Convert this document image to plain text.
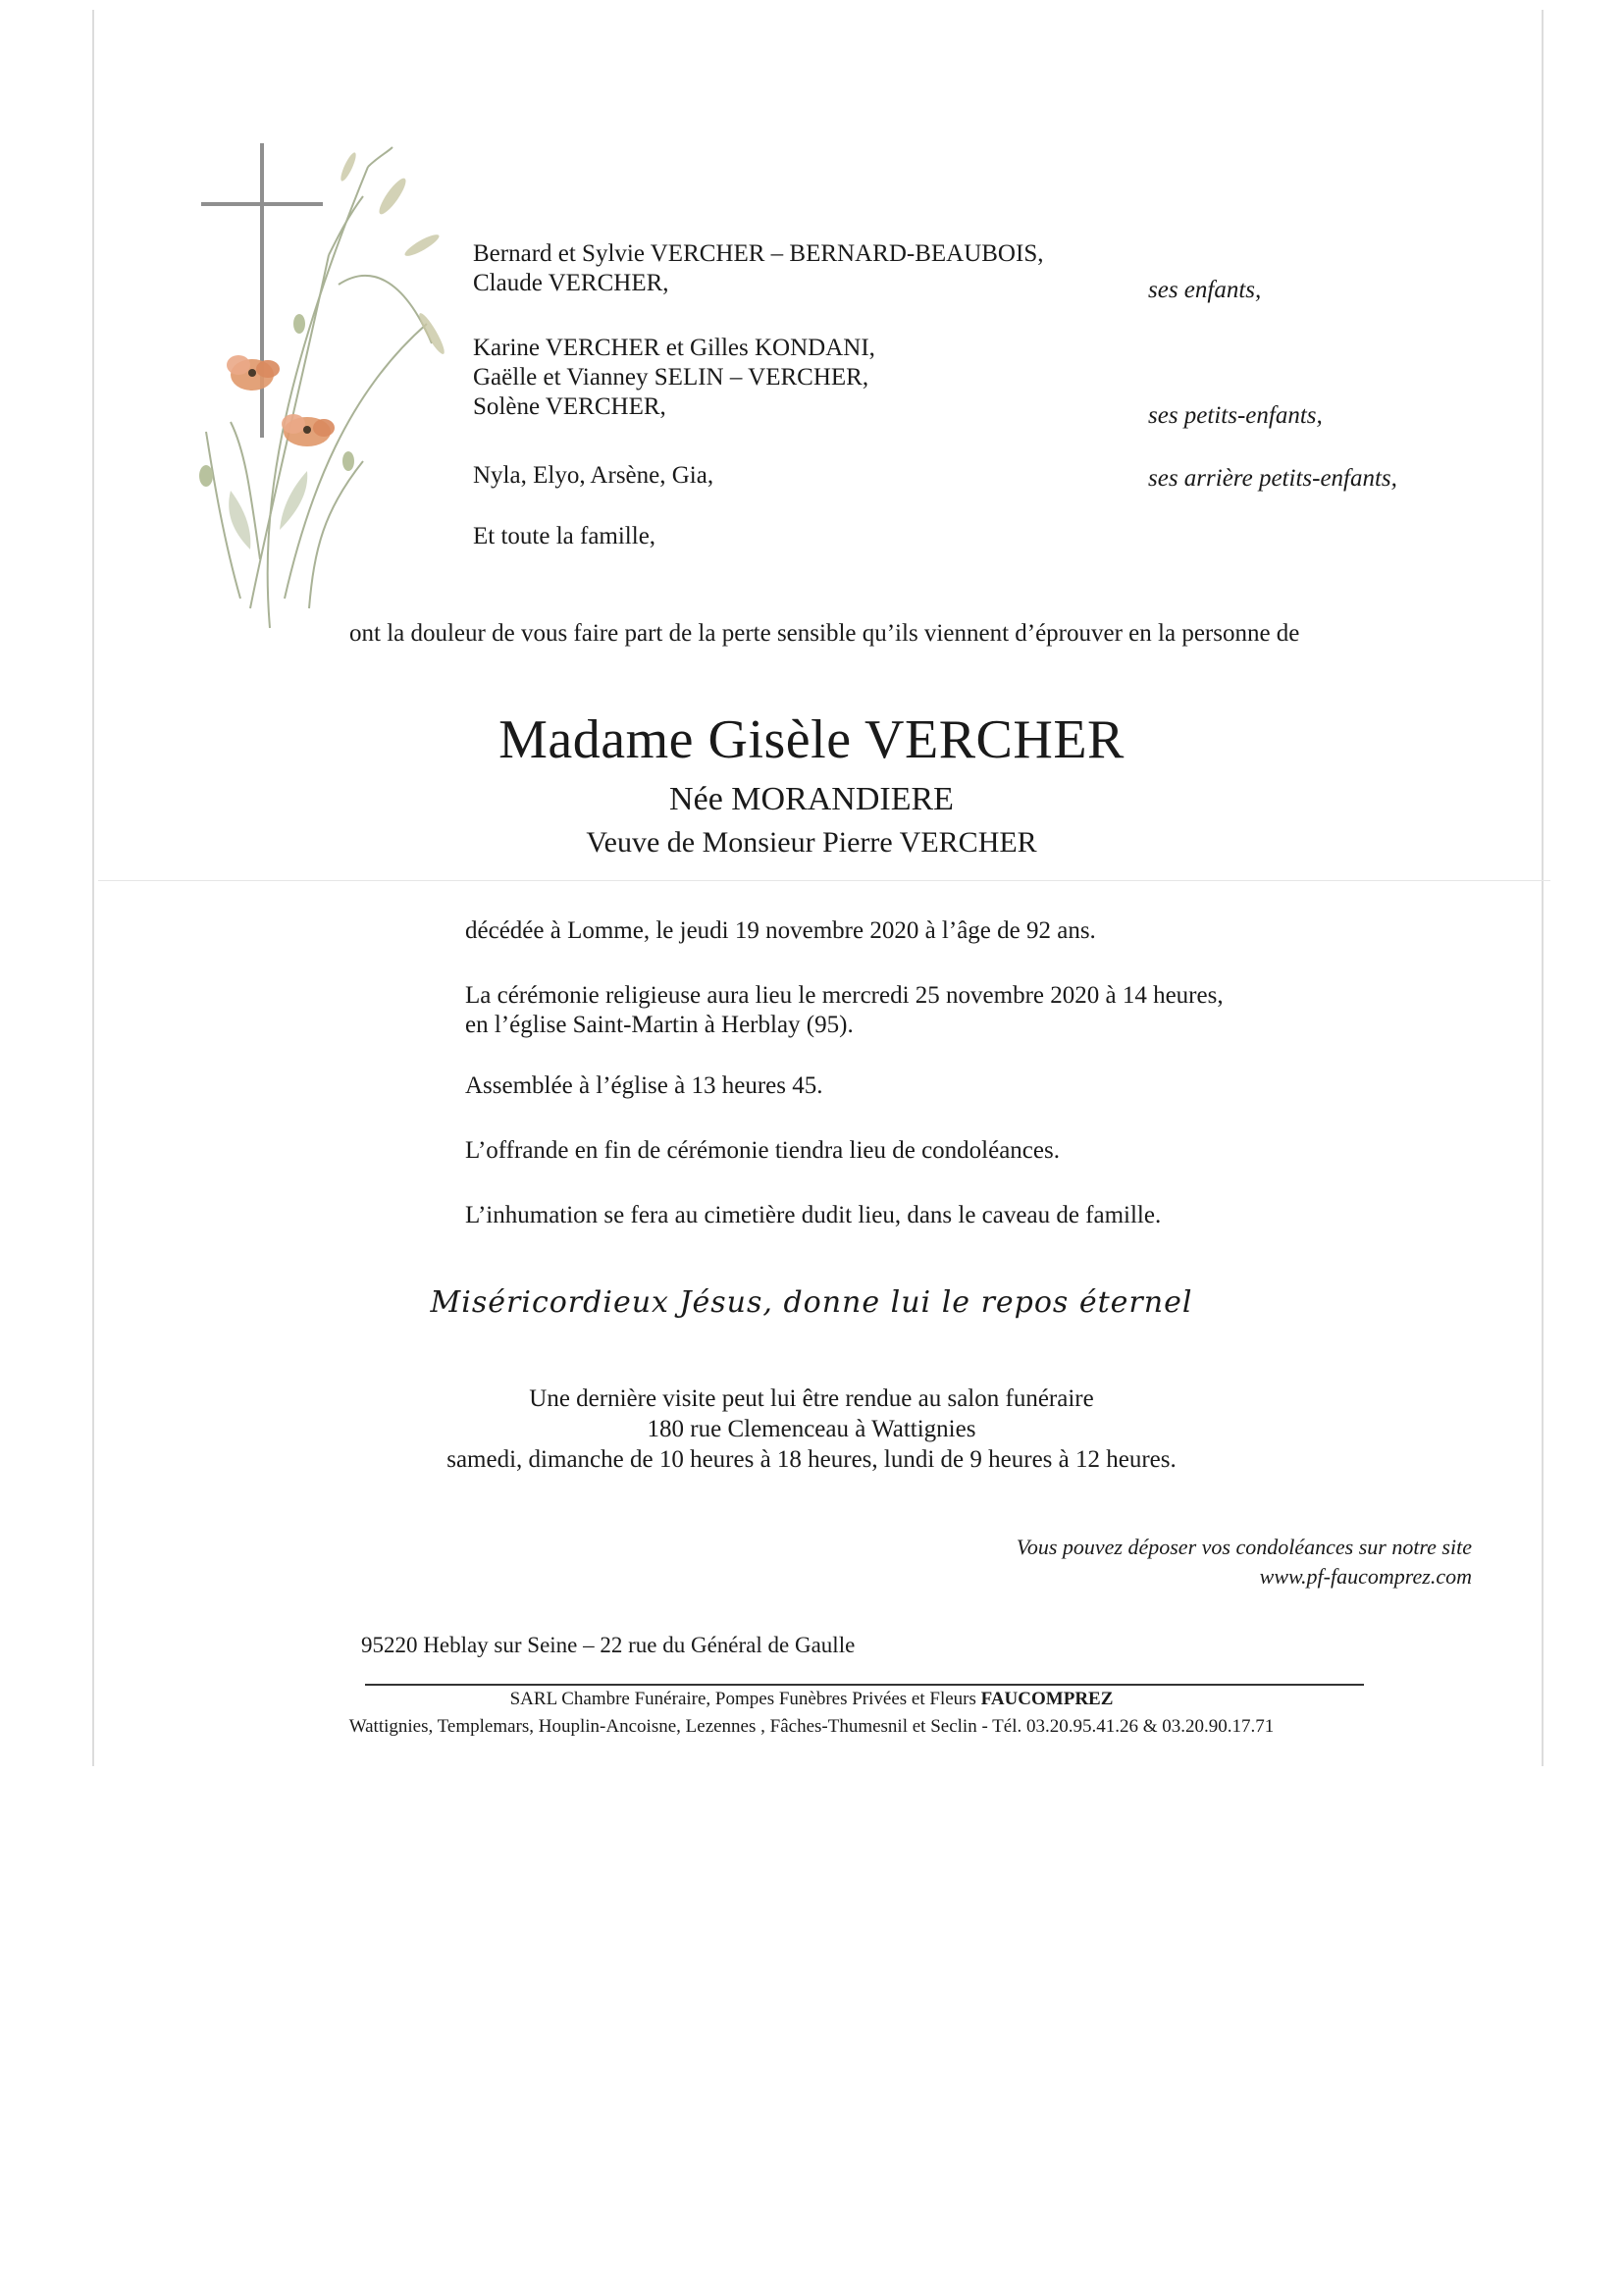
Bernard et Sylvie VERCHER – BERNARD-BEAUBOIS,
Claude VERCHER,	ses enfants,
Karine VERCHER et Gilles KONDANI,
Gaëlle et Vianney SELIN – VERCHER,
Solène VERCHER,	ses petits-enfants,
Nyla, Elyo, Arsène, Gia,	ses arrière petits-enfants,
Et toute la famille,
ont la douleur de vous faire part de la perte sensible qu’ils viennent d’éprouver en la personne de
Madame Gisèle VERCHER
Née MORANDIERE
Veuve de Monsieur Pierre VERCHER
décédée à Lomme, le jeudi 19 novembre 2020 à l’âge de 92 ans.
La cérémonie religieuse aura lieu le mercredi 25 novembre 2020 à 14 heures,
en l’église Saint-Martin à Herblay (95).
Assemblée à l’église à 13 heures 45.
L’offrande en fin de cérémonie tiendra lieu de condoléances.
L’inhumation se fera au cimetière dudit lieu, dans le caveau de famille.
Miséricordieux Jésus, donne lui le repos éternel
Une dernière visite peut lui être rendue au salon funéraire
180 rue Clemenceau à Wattignies
samedi, dimanche de 10 heures à 18 heures, lundi de 9 heures à 12 heures.
Vous pouvez déposer vos condoléances sur notre site
www.pf-faucomprez.com
95220 Heblay sur Seine – 22 rue du Général de Gaulle
SARL Chambre Funéraire, Pompes Funèbres Privées et Fleurs FAUCOMPREZ
Wattignies, Templemars, Houplin-Ancoisne, Lezennes , Fâches-Thumesnil et Seclin - Tél. 03.20.95.41.26 & 03.20.90.17.71
